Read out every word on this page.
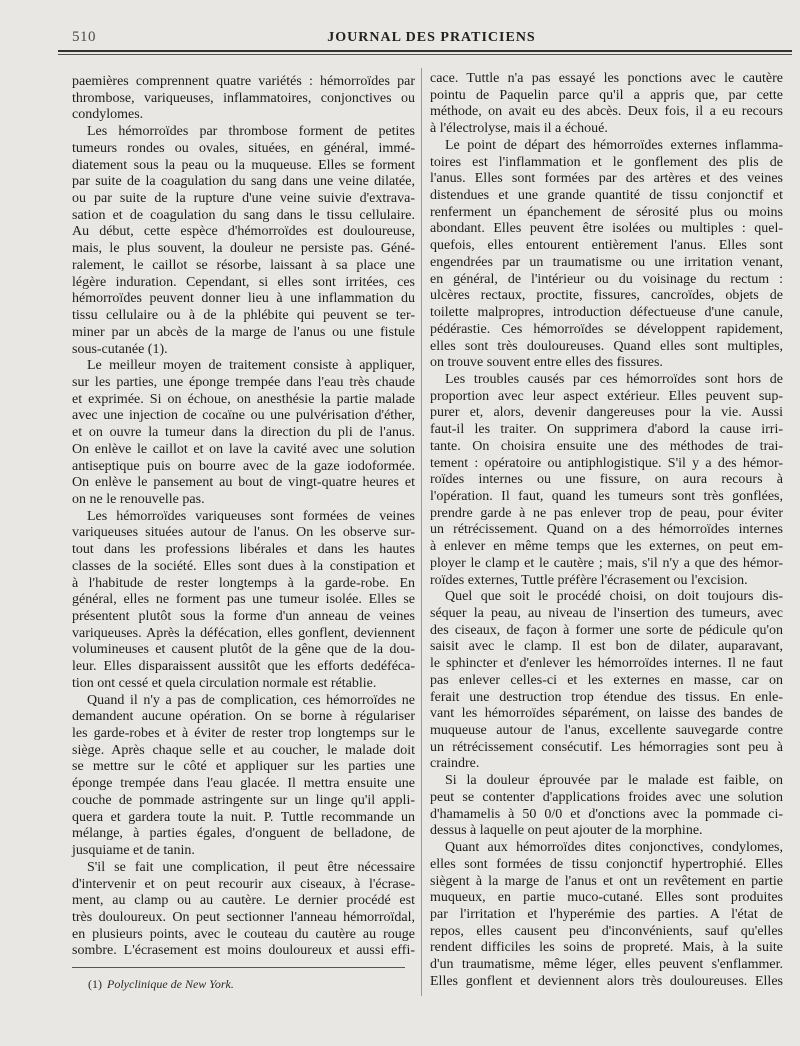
510	JOURNAL DES PRATICIENS
paemières comprennent quatre variétés : hémorroïdes par
thrombose, variqueuses, inflammatoires, conjonctives ou
condylomes.
Les hémorroïdes par thrombose forment de petites
tumeurs rondes ou ovales, situées, en général, immé-
diatement sous la peau ou la muqueuse. Elles se forment
par suite de la coagulation du sang dans une veine dilatée,
ou par suite de la rupture d'une veine suivie d'extrava-
sation et de coagulation du sang dans le tissu cellulaire.
Au début, cette espèce d'hémorroïdes est douloureuse,
mais, le plus souvent, la douleur ne persiste pas. Géné-
ralement, le caillot se résorbe, laissant à sa place une
légère induration. Cependant, si elles sont irritées, ces
hémorroïdes peuvent donner lieu à une inflammation du
tissu cellulaire ou à de la phlébite qui peuvent se ter-
miner par un abcès de la marge de l'anus ou une fistule
sous-cutanée (1).
Le meilleur moyen de traitement consiste à appliquer,
sur les parties, une éponge trempée dans l'eau très chaude
et exprimée. Si on échoue, on anesthésie la partie malade
avec une injection de cocaïne ou une pulvérisation d'éther,
et on ouvre la tumeur dans la direction du pli de l'anus.
On enlève le caillot et on lave la cavité avec une solution
antiseptique puis on bourre avec de la gaze iodoformée.
On enlève le pansement au bout de vingt-quatre heures et
on ne le renouvelle pas.
Les hémorroïdes variqueuses sont formées de veines
variqueuses situées autour de l'anus. On les observe sur-
tout dans les professions libérales et dans les hautes
classes de la société. Elles sont dues à la constipation et
à l'habitude de rester longtemps à la garde-robe. En
général, elles ne forment pas une tumeur isolée. Elles se
présentent plutôt sous la forme d'un anneau de veines
variqueuses. Après la défécation, elles gonflent, deviennent
volumineuses et causent plutôt de la gêne que de la dou-
leur. Elles disparaissent aussitôt que les efforts dedéféca-
tion ont cessé et quela circulation normale est rétablie.
Quand il n'y a pas de complication, ces hémorroïdes ne
demandent aucune opération. On se borne à régulariser
les garde-robes et à éviter de rester trop longtemps sur le
siège. Après chaque selle et au coucher, le malade doit
se mettre sur le côté et appliquer sur les parties une
éponge trempée dans l'eau glacée. Il mettra ensuite une
couche de pommade astringente sur un linge qu'il appli-
quera et gardera toute la nuit. P. Tuttle recommande un
mélange, à parties égales, d'onguent de belladone, de
jusquiame et de tanin.
S'il se fait une complication, il peut être nécessaire
d'intervenir et on peut recourir aux ciseaux, à l'écrase-
ment, au clamp ou au cautère. Le dernier procédé est
très douloureux. On peut sectionner l'anneau hémorroïdal,
en plusieurs points, avec le couteau du cautère au rouge
sombre. L'écrasement est moins douloureux et aussi effi-
cace. Tuttle n'a pas essayé les ponctions avec le cautère
pointu de Paquelin parce qu'il a appris que, par cette
méthode, on avait eu des abcès. Deux fois, il a eu recours
à l'électrolyse, mais il a échoué.
Le point de départ des hémorroïdes externes inflamma-
toires est l'inflammation et le gonflement des plis de
l'anus. Elles sont formées par des artères et des veines
distendues et une grande quantité de tissu conjonctif et
renferment un épanchement de sérosité plus ou moins
abondant. Elles peuvent être isolées ou multiples : quel-
quefois, elles entourent entièrement l'anus. Elles sont
engendrées par un traumatisme ou une irritation venant,
en général, de l'intérieur ou du voisinage du rectum :
ulcères rectaux, proctite, fissures, cancroïdes, objets de
toilette malpropres, introduction défectueuse d'une canule,
pédérastie. Ces hémorroïdes se développent rapidement,
elles sont très douloureuses. Quand elles sont multiples,
on trouve souvent entre elles des fissures.
Les troubles causés par ces hémorroïdes sont hors de
proportion avec leur aspect extérieur. Elles peuvent sup-
purer et, alors, devenir dangereuses pour la vie. Aussi
faut-il les traiter. On supprimera d'abord la cause irri-
tante. On choisira ensuite une des méthodes de trai-
tement : opératoire ou antiphlogistique. S'il y a des hémor-
roïdes internes ou une fissure, on aura recours à
l'opération. Il faut, quand les tumeurs sont très gonflées,
prendre garde à ne pas enlever trop de peau, pour éviter
un rétrécissement. Quand on a des hémorroïdes internes
à enlever en même temps que les externes, on peut em-
ployer le clamp et le cautère ; mais, s'il n'y a que des hémor-
roïdes externes, Tuttle préfère l'écrasement ou l'excision.
Quel que soit le procédé choisi, on doit toujours dis-
séquer la peau, au niveau de l'insertion des tumeurs, avec
des ciseaux, de façon à former une sorte de pédicule qu'on
saisit avec le clamp. Il est bon de dilater, auparavant,
le sphincter et d'enlever les hémorroïdes internes. Il ne faut
pas enlever celles-ci et les externes en masse, car on
ferait une destruction trop étendue des tissus. En enle-
vant les hémorroïdes séparément, on laisse des bandes de
muqueuse autour de l'anus, excellente sauvegarde contre
un rétrécissement consécutif. Les hémorragies sont peu à
craindre.
Si la douleur éprouvée par le malade est faible, on
peut se contenter d'applications froides avec une solution
d'hamamelis à 50 0/0 et d'onctions avec la pommade ci-
dessus à laquelle on peut ajouter de la morphine.
Quant aux hémorroïdes dites conjonctives, condylomes,
elles sont formées de tissu conjonctif hypertrophié. Elles
siègent à la marge de l'anus et ont un revêtement en partie
muqueux, en partie muco-cutané. Elles sont produites
par l'irritation et l'hyperémie des parties. A l'état de
repos, elles causent peu d'inconvénients, sauf qu'elles
rendent difficiles les soins de propreté. Mais, à la suite
d'un traumatisme, même léger, elles peuvent s'enflammer.
Elles gonflent et deviennent alors très douloureuses. Elles
(1) Polyclinique de New York.
